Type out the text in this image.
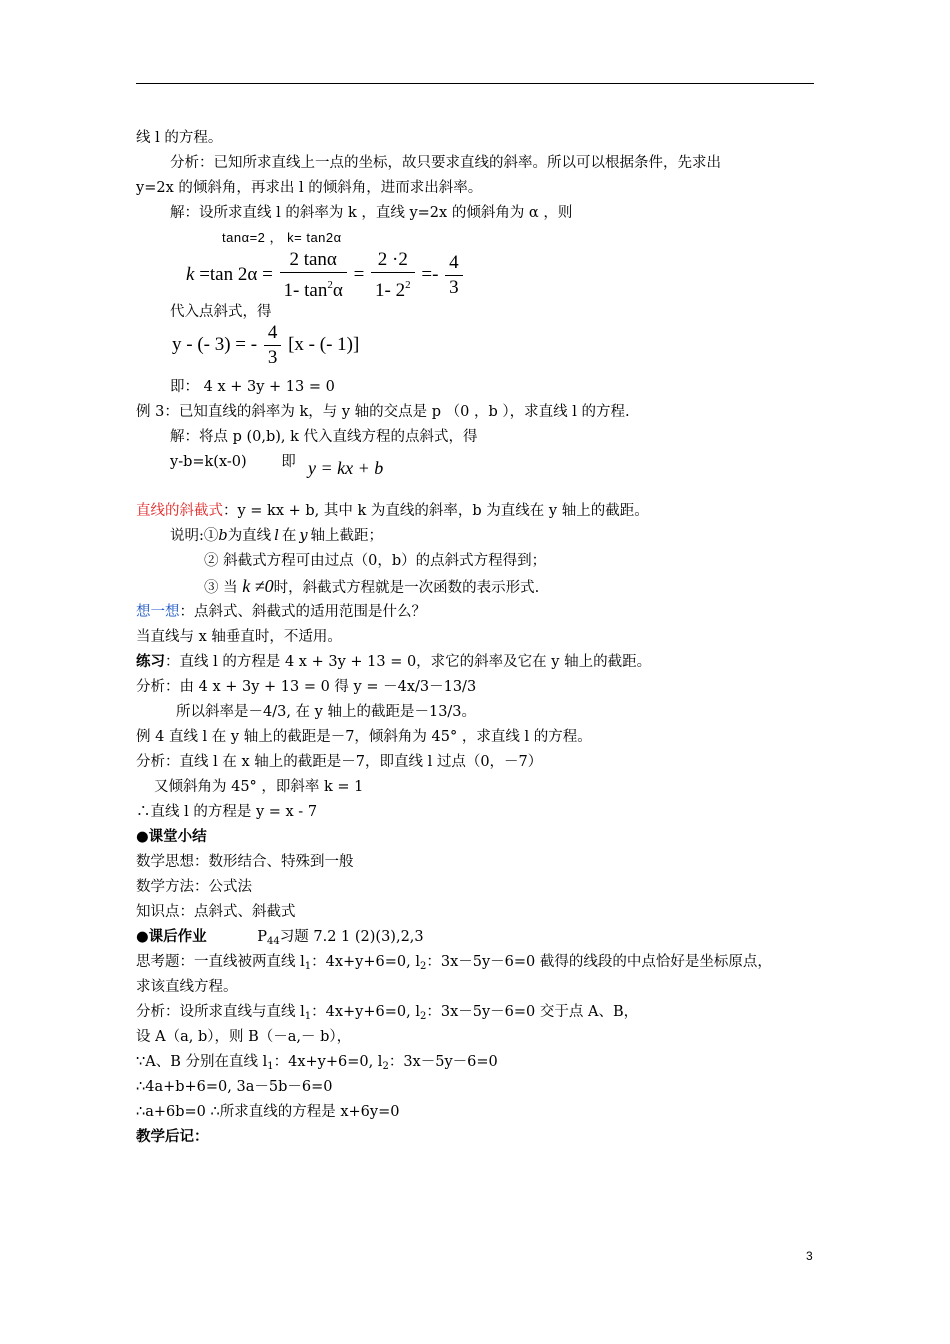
线 l 的方程。
分析：已知所求直线上一点的坐标，故只要求直线的斜率。所以可以根据条件，先求出
y=2x 的倾斜角，再求出 l 的倾斜角，进而求出斜率。
解：设所求直线 l 的斜率为 k ，直线 y=2x 的倾斜角为 α ，则
tanα=2 ， k= tan2α
k =tan $2\alpha = \frac{2 \tan\alpha}{1- \tan^2\alpha} = \frac{2 \cdot 2}{1- 2^2} =- \frac{4}{3}$
代入点斜式，得
y - (- 3) = - $\frac{4}{3} [x$ - (- 1)]
即： 4 x + 3y + 13 = 0
例 3：已知直线的斜率为 k，与 y 轴的交点是 p （0 ，b ），求直线 l 的方程.
解：将点 p (0,b), k 代入直线方程的点斜式，得
y-b=k(x-0) 即 y = kx + b
直线的斜截式：y = kx + b, 其中 k 为直线的斜率，b 为直线在 y 轴上的截距。
说明:①b为直线 l 在 y 轴上截距；
② 斜截式方程可由过点（0，b）的点斜式方程得到；
③ 当 k ≠0时，斜截式方程就是一次函数的表示形式.
想一想：点斜式、斜截式的适用范围是什么？
当直线与 x 轴垂直时，不适用。
练习：直线 l 的方程是 4 x + 3y + 13 = 0，求它的斜率及它在 y 轴上的截距。
分析：由 4 x + 3y + 13 = 0 得 y = －4x/3－13/3
所以斜率是－4/3, 在 y 轴上的截距是－13/3。
例 4 直线 l 在 y 轴上的截距是－7，倾斜角为 45° ，求直线 l 的方程。
分析：直线 l 在 x 轴上的截距是－7，即直线 l 过点（0，－7）
又倾斜角为 45° ，即斜率 k = 1
∴直线 l 的方程是 y = x - 7
●课堂小结
数学思想：数形结合、特殊到一般
数学方法：公式法
知识点：点斜式、斜截式
●课后作业	$P_{44}$习题 7.2 1 (2)(3),2,3
思考题：一直线被两直线 $l_1$：4x+y+6=0, $l_2$：3x－5y－6=0 截得的线段的中点恰好是坐标原点，
求该直线方程。
分析：设所求直线与直线 $l_1$：4x+y+6=0, $l_2$：3x－5y－6=0 交于点 A、B，
设 A（a, b），则 B（－a,－ b），
∵A、B 分别在直线 $l_1$：4x+y+6=0, $l_2$：3x－5y－6=0
∴4a+b+6=0, 3a－5b－6=0
∴a+6b=0 ∴所求直线的方程是 x+6y=0
教学后记：
3
